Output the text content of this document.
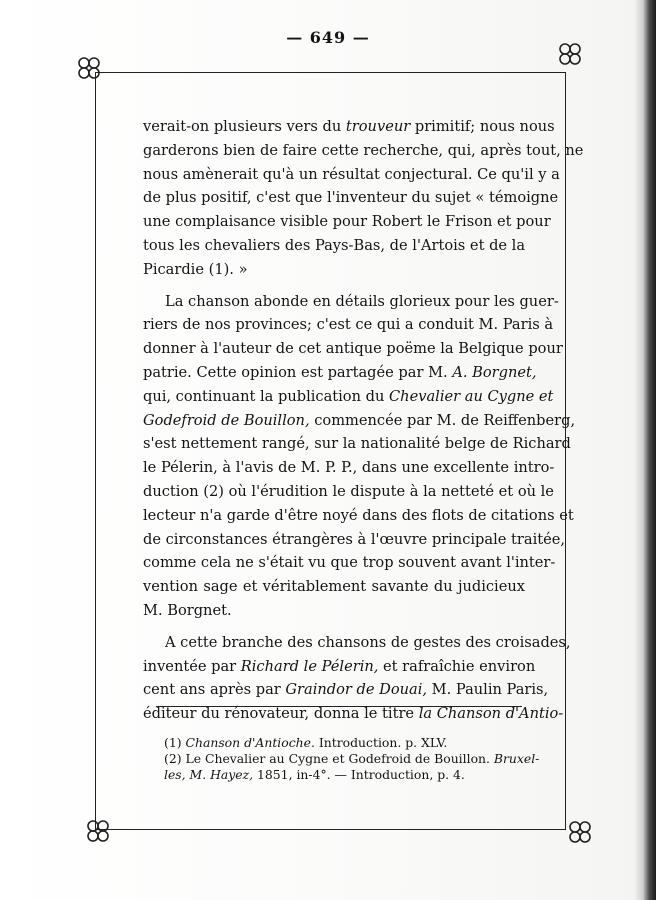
— 649 —

verait-on plusieurs vers du trouveur primitif; nous nous
garderons bien de faire cette recherche, qui, après tout, ne
nous amènerait qu'à un résultat conjectural. Ce qu'il y a
de plus positif, c'est que l'inventeur du sujet « témoigne
une complaisance visible pour Robert le Frison et pour
tous les chevaliers des Pays-Bas, de l'Artois et de la
Picardie (1). »

La chanson abonde en détails glorieux pour les guer-
riers de nos provinces; c'est ce qui a conduit M. Paris à
donner à l'auteur de cet antique poëme la Belgique pour
patrie. Cette opinion est partagée par M. A. Borgnet,
qui, continuant la publication du Chevalier au Cygne et
Godefroid de Bouillon, commencée par M. de Reiffenberg,
s'est nettement rangé, sur la nationalité belge de Richard
le Pélerin, à l'avis de M. P. P., dans une excellente intro-
duction (2) où l'érudition le dispute à la netteté et où le
lecteur n'a garde d'être noyé dans des flots de citations et
de circonstances étrangères à l'œuvre principale traitée,
comme cela ne s'était vu que trop souvent avant l'inter-
vention sage et véritablement savante du judicieux
M. Borgnet.

A cette branche des chansons de gestes des croisades,
inventée par Richard le Pélerin, et rafraîchie environ
cent ans après par Graindor de Douai, M. Paulin Paris,
éditeur du rénovateur, donna le titre la Chanson d'Antio-

(1) Chanson d'Antioche. Introduction. p. XLV.
(2) Le Chevalier au Cygne et Godefroid de Bouillon. Bruxel-
les, M. Hayez, 1851, in-4°. — Introduction, p. 4.
